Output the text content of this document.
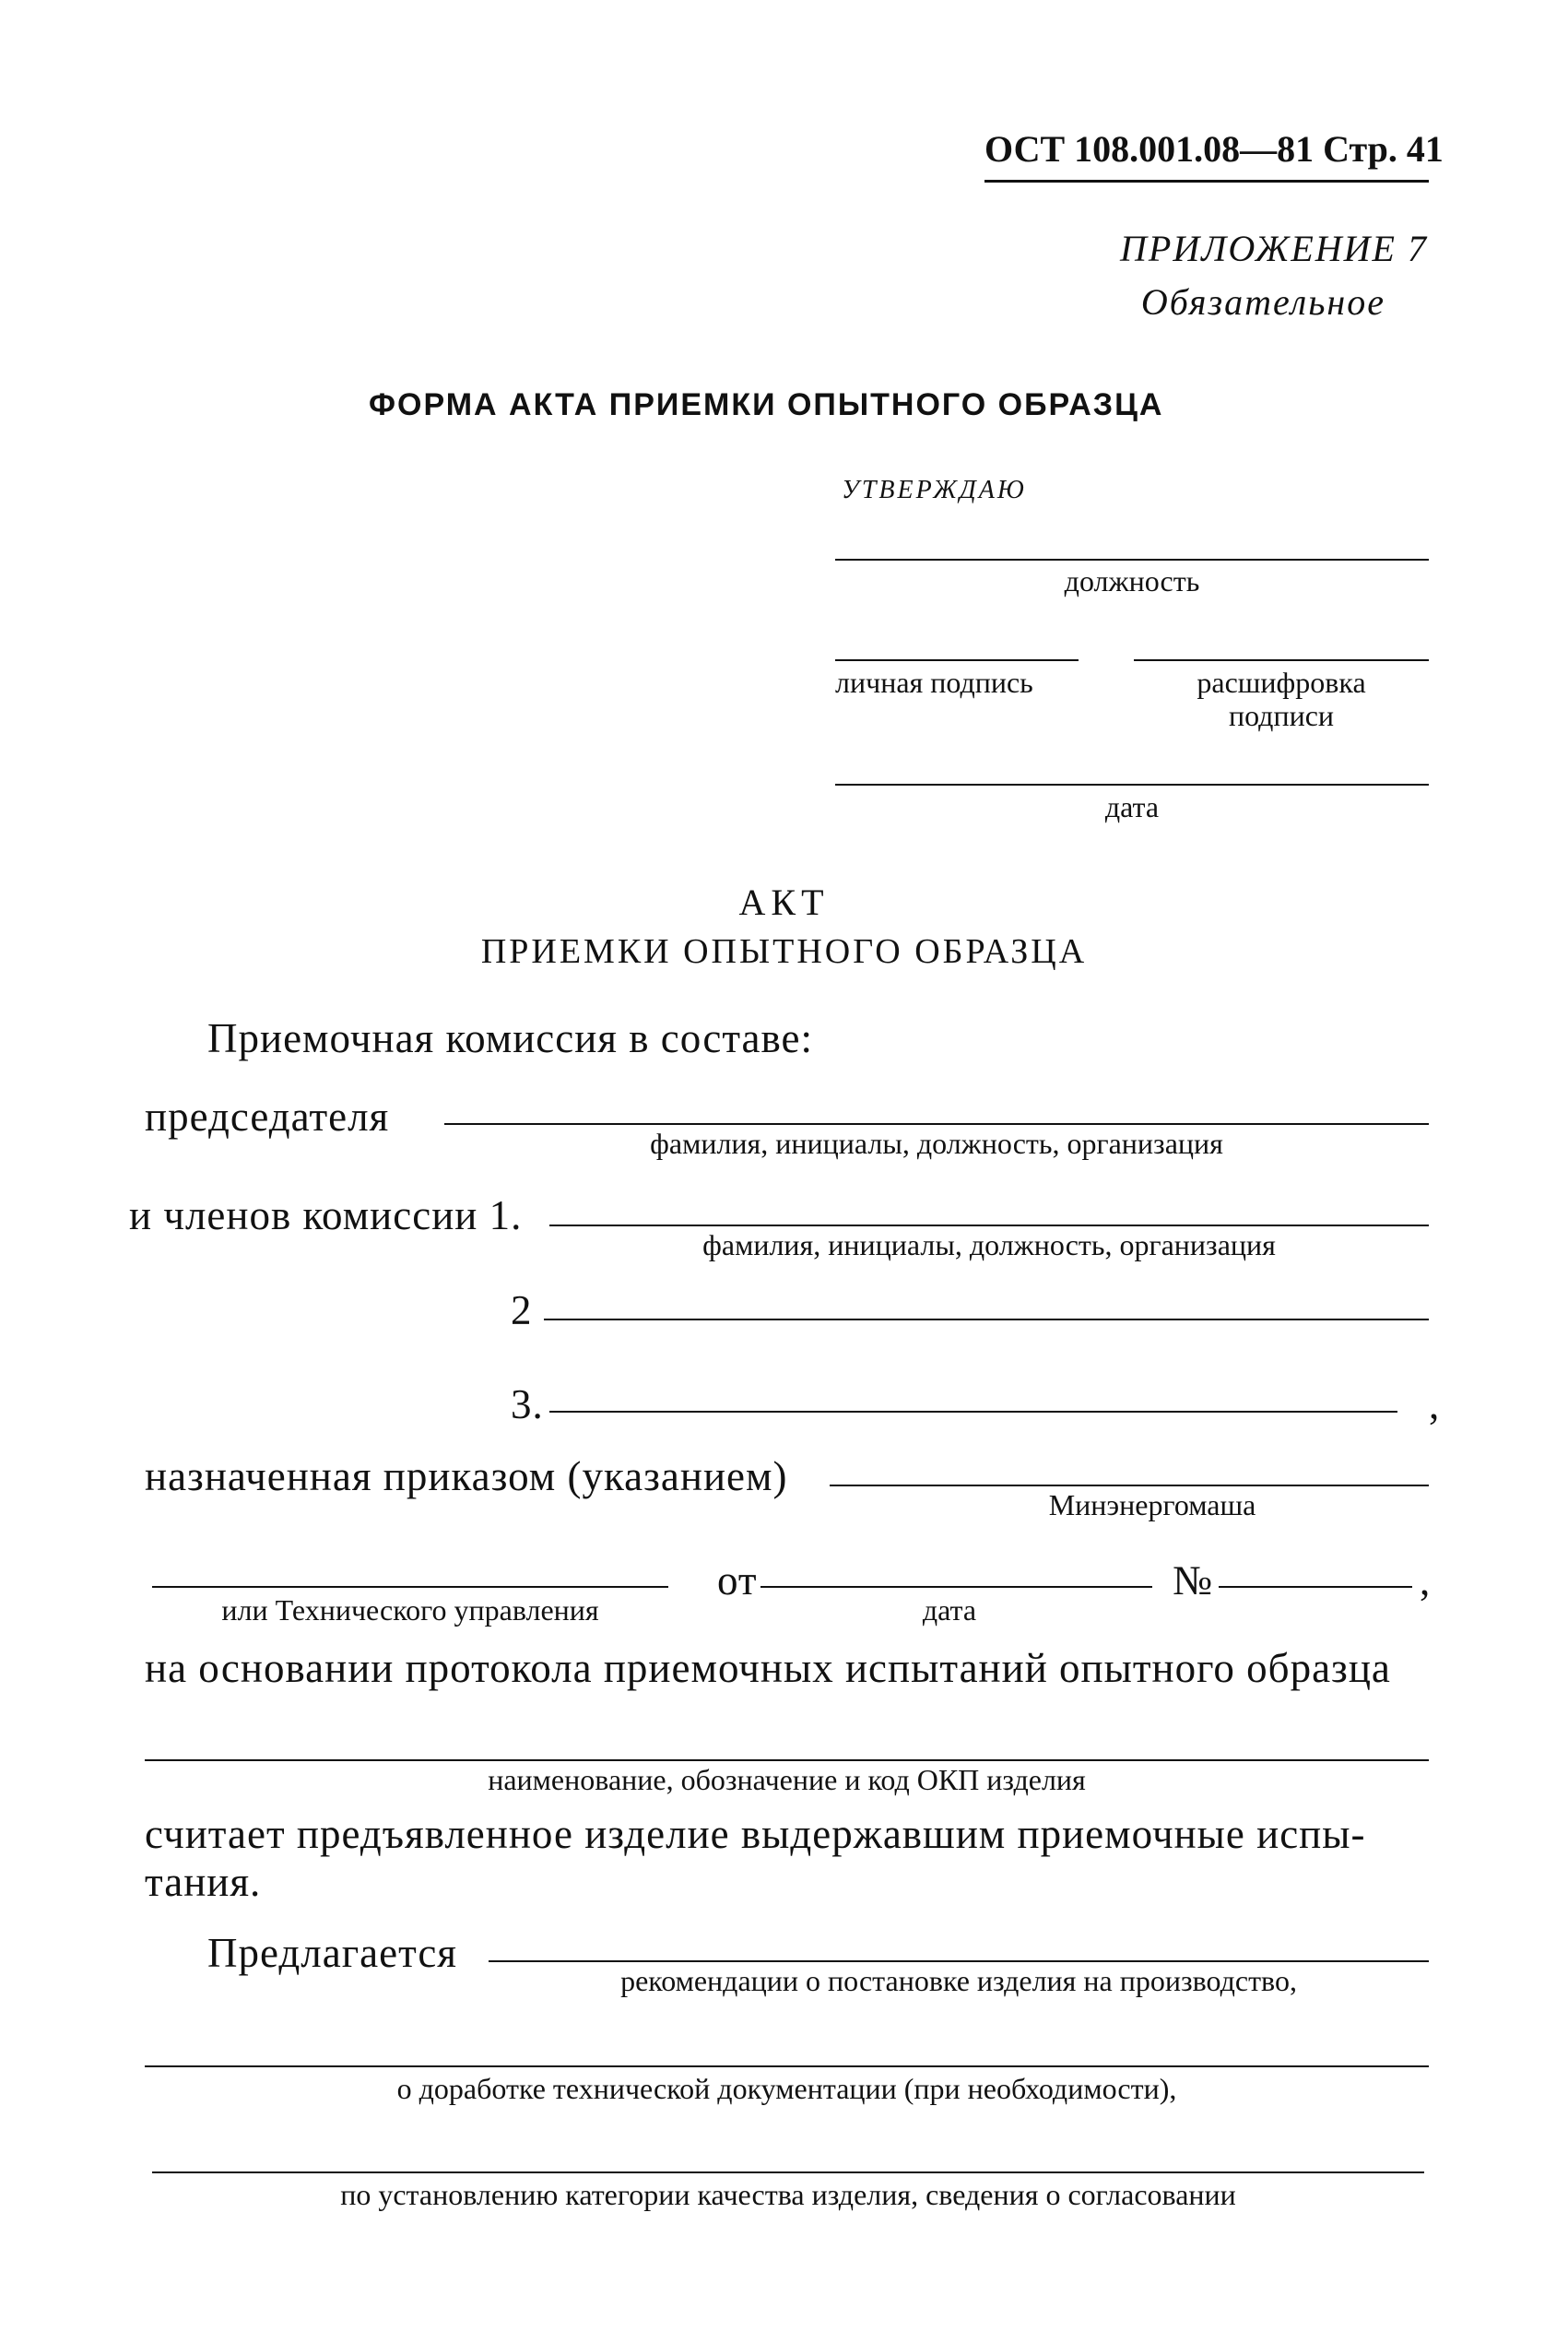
ОСТ 108.001.08—81 Стр. 41
ПРИЛОЖЕНИЕ 7
Обязательное
ФОРМА АКТА ПРИЕМКИ ОПЫТНОГО ОБРАЗЦА
УТВЕРЖДАЮ
должность
личная подпись	расшифровка
подписи
дата
АКТ
ПРИЕМКИ ОПЫТНОГО ОБРАЗЦА
Приемочная комиссия в составе:
председателя
фамилия, инициалы, должность, организация
и членов комиссии 1.
фамилия, инициалы, должность, организация
2
3.	,
назначенная приказом (указанием)
Минэнергомаша
от	№	,
или Технического управления	дата
на основании протокола приемочных испытаний опытного образца
наименование, обозначение и код ОКП изделия
считает предъявленное изделие выдержавшим приемочные испы-
тания.
Предлагается
рекомендации о постановке изделия на производство,
о доработке технической документации (при необходимости),
по установлению категории качества изделия, сведения о согласовании
